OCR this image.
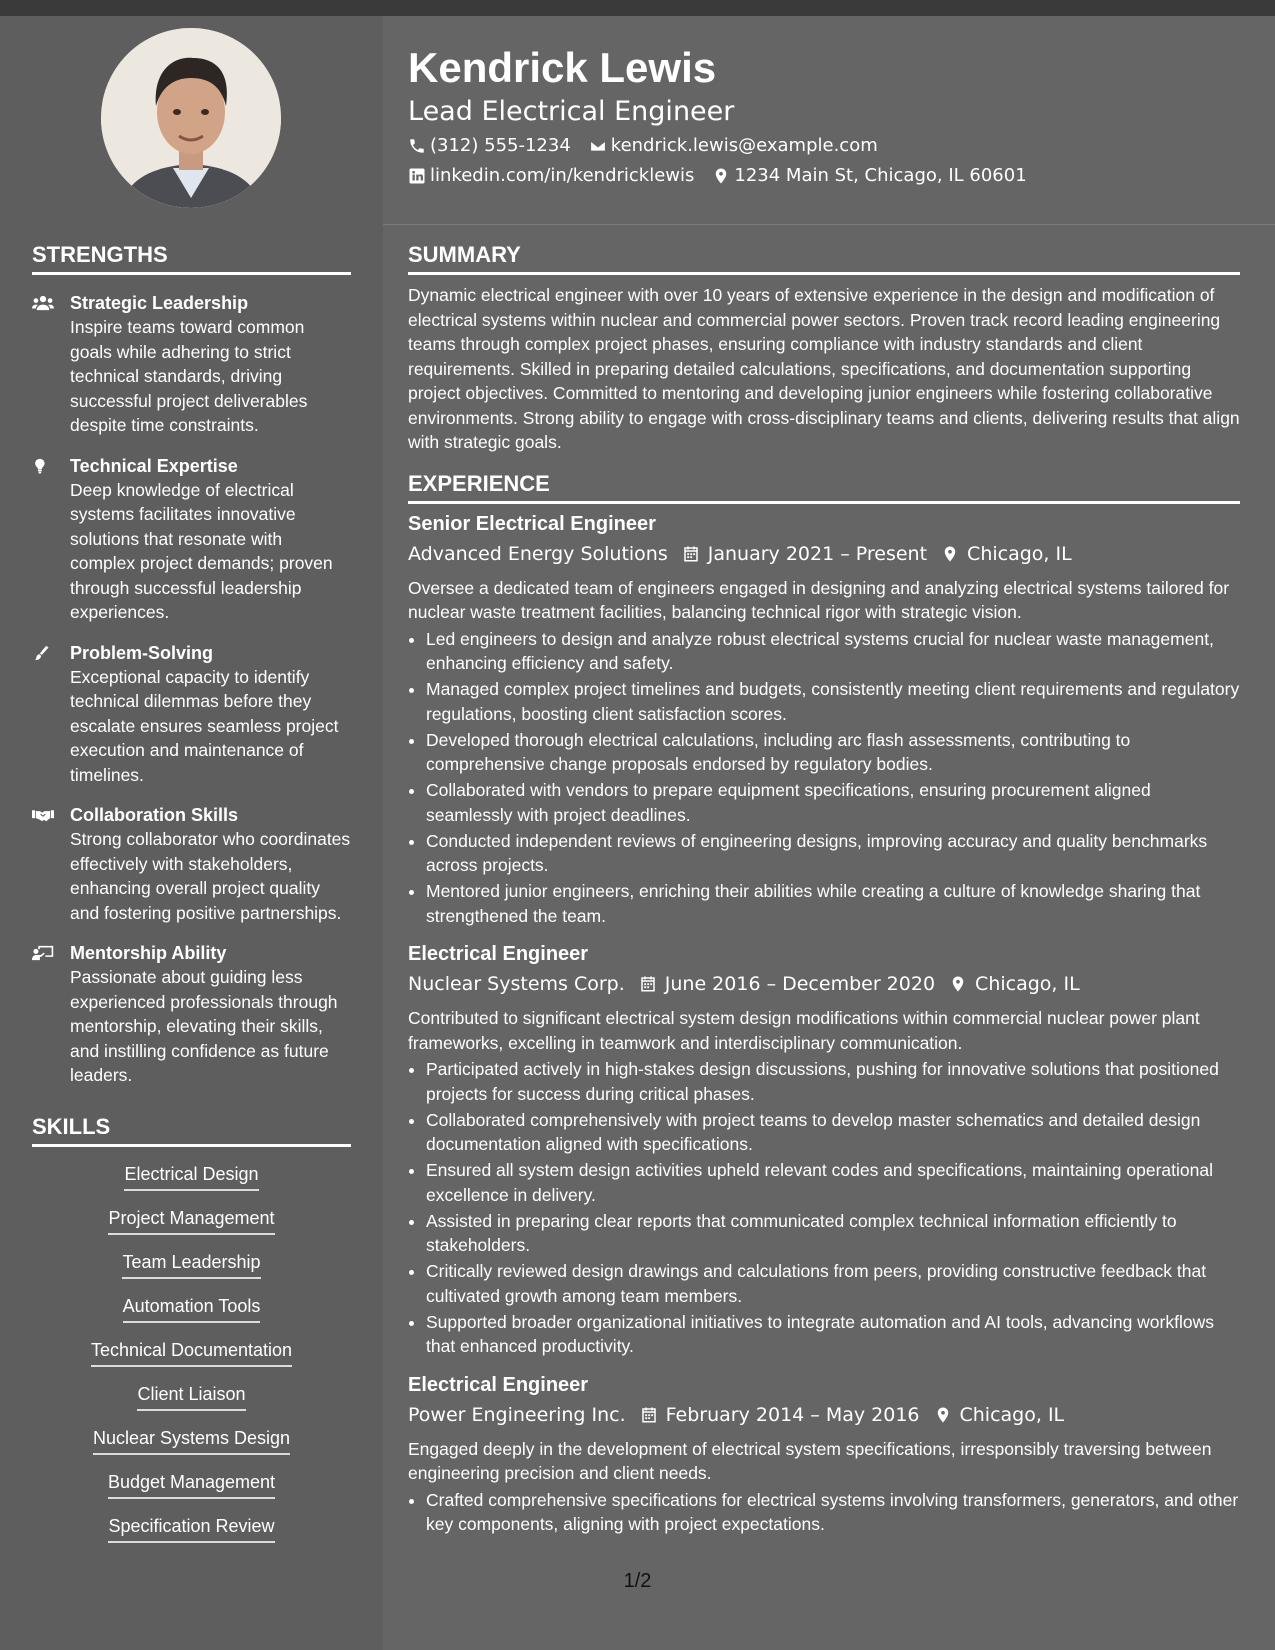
Kendrick Lewis
Lead Electrical Engineer
(312) 555-1234 kendrick.lewis@example.com
linkedin.com/in/kendricklewis 1234 Main St, Chicago, IL 60601
STRENGTHS
Strategic Leadership
Inspire teams toward common goals while adhering to strict technical standards, driving successful project deliverables despite time constraints.
Technical Expertise
Deep knowledge of electrical systems facilitates innovative solutions that resonate with complex project demands; proven through successful leadership experiences.
Problem-Solving
Exceptional capacity to identify technical dilemmas before they escalate ensures seamless project execution and maintenance of timelines.
Collaboration Skills
Strong collaborator who coordinates effectively with stakeholders, enhancing overall project quality and fostering positive partnerships.
Mentorship Ability
Passionate about guiding less experienced professionals through mentorship, elevating their skills, and instilling confidence as future leaders.
SKILLS
Electrical Design
Project Management
Team Leadership
Automation Tools
Technical Documentation
Client Liaison
Nuclear Systems Design
Budget Management
Specification Review
SUMMARY

Dynamic electrical engineer with over 10 years of extensive experience in the design and modification of electrical systems within nuclear and commercial power sectors. Proven track record leading engineering teams through complex project phases, ensuring compliance with industry standards and client requirements. Skilled in preparing detailed calculations, specifications, and documentation supporting project objectives. Committed to mentoring and developing junior engineers while fostering collaborative environments. Strong ability to engage with cross-disciplinary teams and clients, delivering results that align with strategic goals.

EXPERIENCE
Senior Electrical Engineer
Advanced Energy Solutions January 2021 – Present Chicago, IL

Oversee a dedicated team of engineers engaged in designing and analyzing electrical systems tailored for nuclear waste treatment facilities, balancing technical rigor with strategic vision.

• Led engineers to design and analyze robust electrical systems crucial for nuclear waste management, enhancing efficiency and safety.
• Managed complex project timelines and budgets, consistently meeting client requirements and regulatory regulations, boosting client satisfaction scores.
• Developed thorough electrical calculations, including arc flash assessments, contributing to comprehensive change proposals endorsed by regulatory bodies.
• Collaborated with vendors to prepare equipment specifications, ensuring procurement aligned seamlessly with project deadlines.
• Conducted independent reviews of engineering designs, improving accuracy and quality benchmarks across projects.
• Mentored junior engineers, enriching their abilities while creating a culture of knowledge sharing that strengthened the team.
Electrical Engineer
Nuclear Systems Corp. June 2016 – December 2020 Chicago, IL

Contributed to significant electrical system design modifications within commercial nuclear power plant frameworks, excelling in teamwork and interdisciplinary communication.

• Participated actively in high-stakes design discussions, pushing for innovative solutions that positioned projects for success during critical phases.
• Collaborated comprehensively with project teams to develop master schematics and detailed design documentation aligned with specifications.
• Ensured all system design activities upheld relevant codes and specifications, maintaining operational excellence in delivery.
• Assisted in preparing clear reports that communicated complex technical information efficiently to stakeholders.
• Critically reviewed design drawings and calculations from peers, providing constructive feedback that cultivated growth among team members.
• Supported broader organizational initiatives to integrate automation and AI tools, advancing workflows that enhanced productivity.
Electrical Engineer
Power Engineering Inc. February 2014 – May 2016 Chicago, IL

Engaged deeply in the development of electrical system specifications, irresponsibly traversing between engineering precision and client needs.

• Crafted comprehensive specifications for electrical systems involving transformers, generators, and other key components, aligning with project expectations.
1/2
